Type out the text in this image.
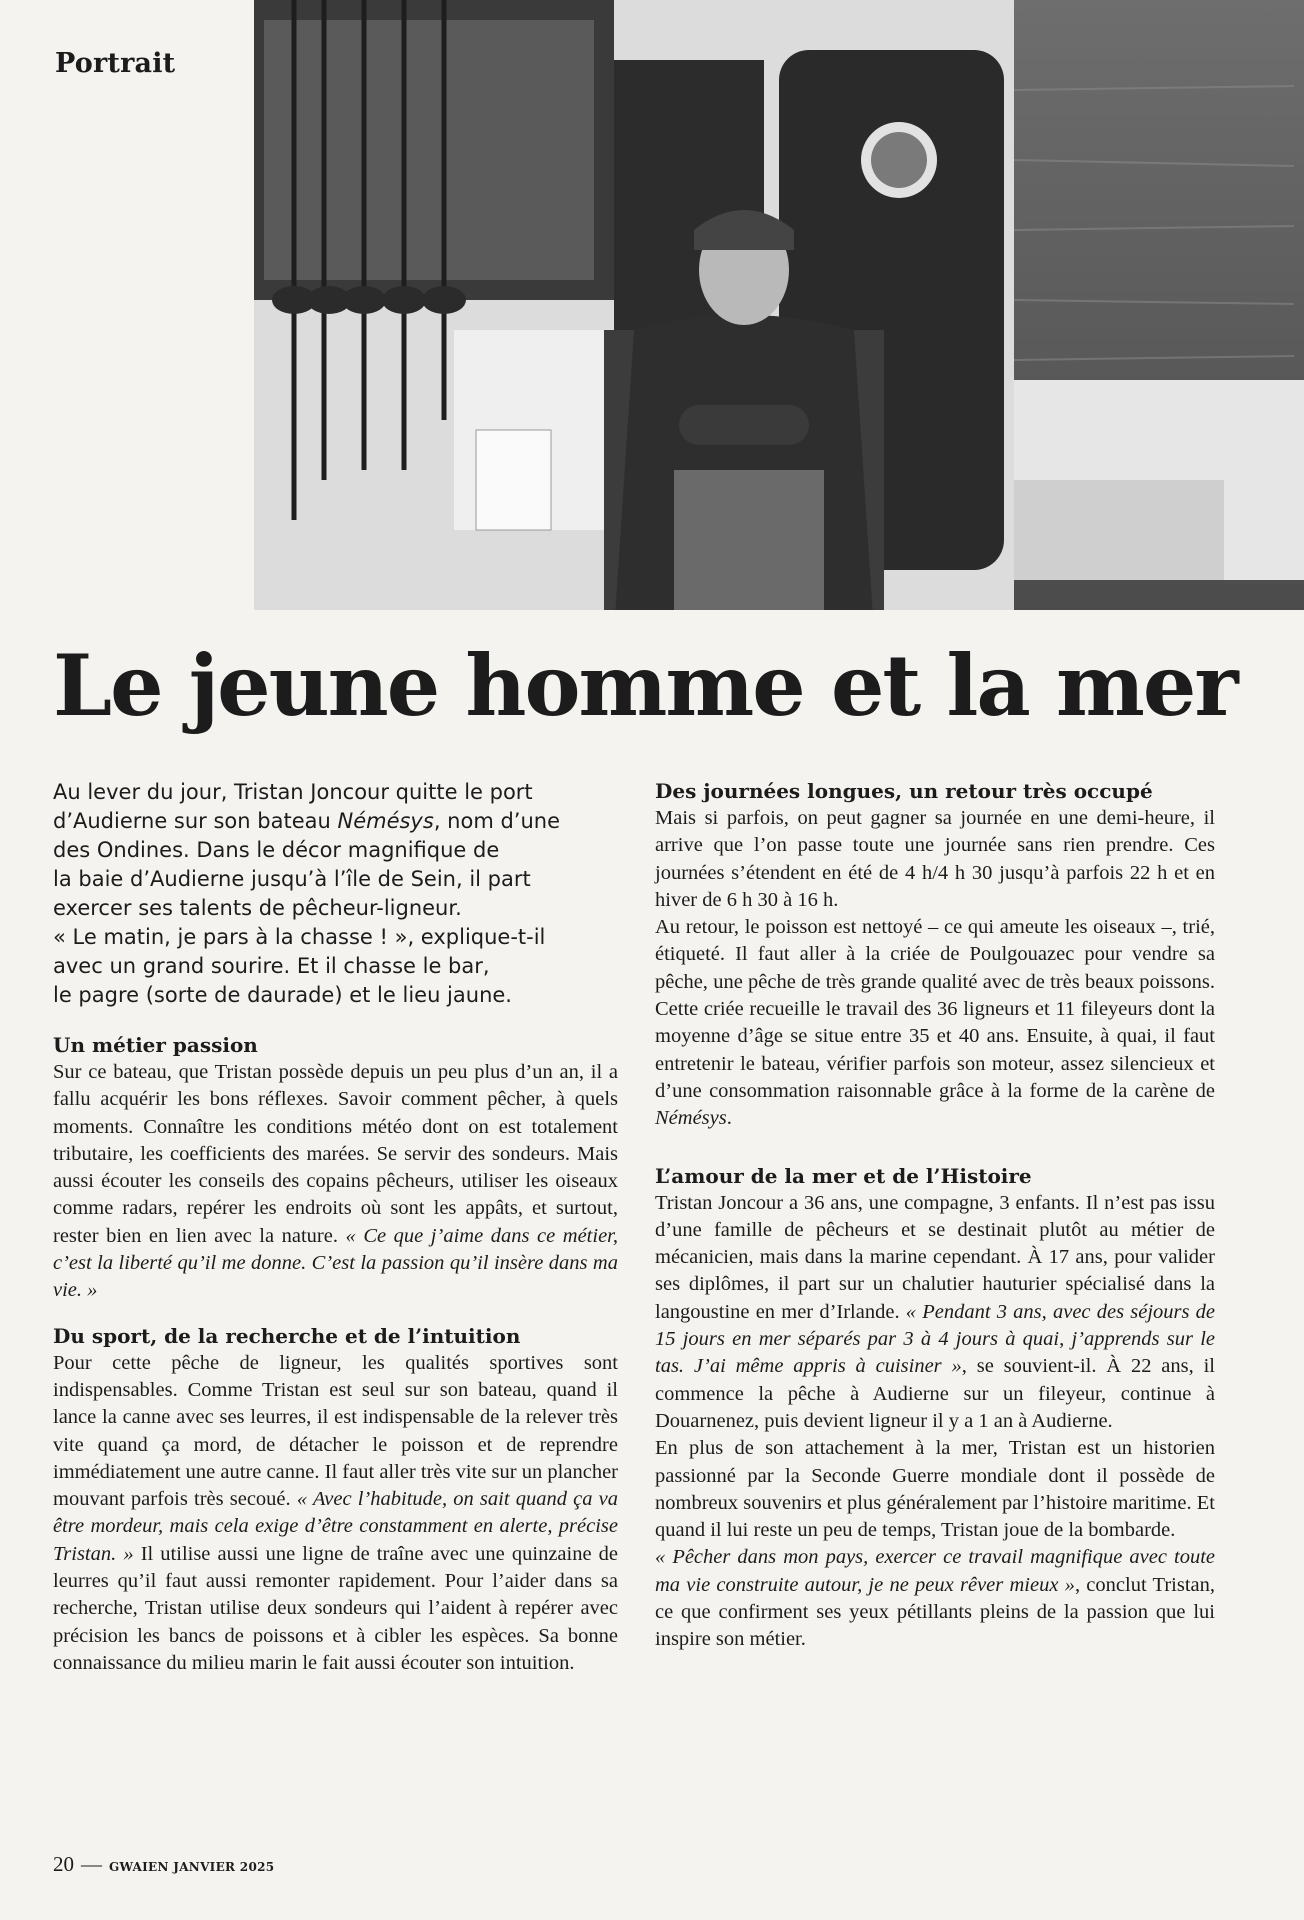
Portrait
Le jeune homme et la mer
Au lever du jour, Tristan Joncour quitte le port
d’Audierne sur son bateau Némésys, nom d’une
des Ondines. Dans le décor magnifique de
la baie d’Audierne jusqu’à l’île de Sein, il part
exercer ses talents de pêcheur-ligneur.
« Le matin, je pars à la chasse ! », explique-t-il
avec un grand sourire. Et il chasse le bar,
le pagre (sorte de daurade) et le lieu jaune.
Un métier passion

Sur ce bateau, que Tristan possède depuis un peu plus d’un an, il a fallu acquérir les bons réflexes. Savoir comment pêcher, à quels moments. Connaître les conditions météo dont on est totalement tributaire, les coefficients des marées. Se servir des sondeurs. Mais aussi écouter les conseils des copains pêcheurs, utiliser les oiseaux comme radars, repérer les endroits où sont les appâts, et surtout, rester bien en lien avec la nature. « Ce que j’aime dans ce métier, c’est la liberté qu’il me donne. C’est la passion qu’il insère dans ma vie. »

Du sport, de la recherche et de l’intuition

Pour cette pêche de ligneur, les qualités sportives sont indispensables. Comme Tristan est seul sur son bateau, quand il lance la canne avec ses leurres, il est indispensable de la relever très vite quand ça mord, de détacher le poisson et de reprendre immédiatement une autre canne. Il faut aller très vite sur un plancher mouvant parfois très secoué. « Avec l’habitude, on sait quand ça va être mordeur, mais cela exige d’être constamment en alerte, précise Tristan. » Il utilise aussi une ligne de traîne avec une quinzaine de leurres qu’il faut aussi remonter rapidement. Pour l’aider dans sa recherche, Tristan utilise deux sondeurs qui l’aident à repérer avec précision les bancs de poissons et à cibler les espèces. Sa bonne connaissance du milieu marin le fait aussi écouter son intuition.

Des journées longues, un retour très occupé

Mais si parfois, on peut gagner sa journée en une demi-heure, il arrive que l’on passe toute une journée sans rien prendre. Ces journées s’étendent en été de 4 h/4 h 30 jusqu’à parfois 22 h et en hiver de 6 h 30 à 16 h.
Au retour, le poisson est nettoyé – ce qui ameute les oiseaux –, trié, étiqueté. Il faut aller à la criée de Poulgouazec pour vendre sa pêche, une pêche de très grande qualité avec de très beaux poissons. Cette criée recueille le travail des 36 ligneurs et 11 fileyeurs dont la moyenne d’âge se situe entre 35 et 40 ans. Ensuite, à quai, il faut entretenir le bateau, vérifier parfois son moteur, assez silencieux et d’une consommation raisonnable grâce à la forme de la carène de Némésys.

L’amour de la mer et de l’Histoire

Tristan Joncour a 36 ans, une compagne, 3 enfants. Il n’est pas issu d’une famille de pêcheurs et se destinait plutôt au métier de mécanicien, mais dans la marine cependant. À 17 ans, pour valider ses diplômes, il part sur un chalutier hauturier spécialisé dans la langoustine en mer d’Irlande. « Pendant 3 ans, avec des séjours de 15 jours en mer séparés par 3 à 4 jours à quai, j’apprends sur le tas. J’ai même appris à cuisiner », se souvient-il. À 22 ans, il commence la pêche à Audierne sur un fileyeur, continue à Douarnenez, puis devient ligneur il y a 1 an à Audierne.
En plus de son attachement à la mer, Tristan est un historien passionné par la Seconde Guerre mondiale dont il possède de nombreux souvenirs et plus généralement par l’histoire maritime. Et quand il lui reste un peu de temps, Tristan joue de la bombarde.
« Pêcher dans mon pays, exercer ce travail magnifique avec toute ma vie construite autour, je ne peux rêver mieux », conclut Tristan, ce que confirment ses yeux pétillants pleins de la passion que lui inspire son métier.

20 — GWAIEN JANVIER 2025
